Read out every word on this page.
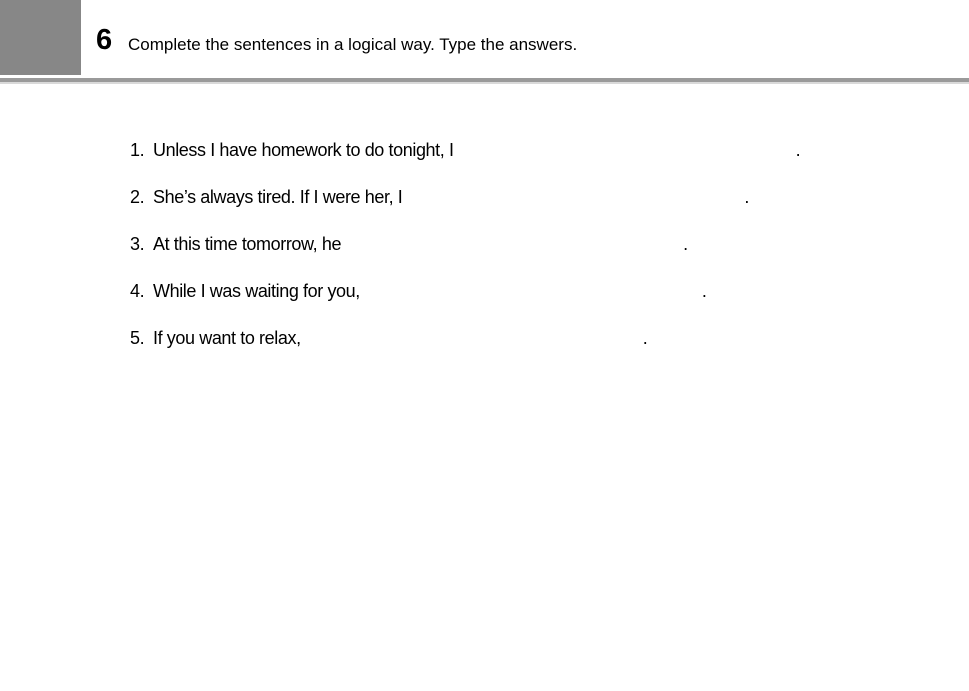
6 Complete the sentences in a logical way. Type the answers.
1. Unless I have homework to do tonight, I	.
2. She’s always tired. If I were her, I	.
3. At this time tomorrow, he	.
4. While I was waiting for you,	.
5. If you want to relax,	.
